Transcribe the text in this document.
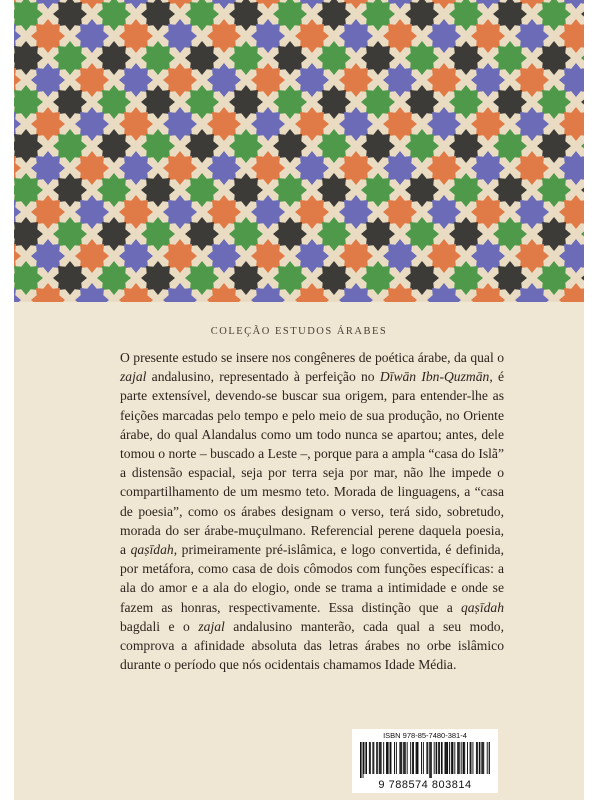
COLEÇÃO ESTUDOS ÁRABES

O presente estudo se insere nos congêneres de poética árabe, da qual o zajal andalusino, representado à perfeição no Dīwān Ibn-Quzmān, é parte extensível, devendo-se buscar sua origem, para entender-lhe as feições marcadas pelo tempo e pelo meio de sua produção, no Oriente árabe, do qual Alandalus como um todo nunca se apartou; antes, dele tomou o norte – buscado a Leste –, porque para a ampla “casa do Islã” a distensão espacial, seja por terra seja por mar, não lhe impede o compartilhamento de um mesmo teto. Morada de linguagens, a “casa de poesia”, como os árabes designam o verso, terá sido, sobretudo, morada do ser árabe-muçulmano. Referencial perene daquela poesia, a qaṣīdah, primeiramente pré-islâmica, e logo convertida, é definida, por metáfora, como casa de dois cômodos com funções específicas: a ala do amor e a ala do elogio, onde se trama a intimidade e onde se fazem as honras, respectivamente. Essa distinção que a qaṣīdah bagdali e o zajal andalusino manterão, cada qual a seu modo, comprova a afinidade absoluta das letras árabes no orbe islâmico durante o período que nós ocidentais chamamos Idade Média.

ISBN 978-85-7480-381-4
9 788574 803814
